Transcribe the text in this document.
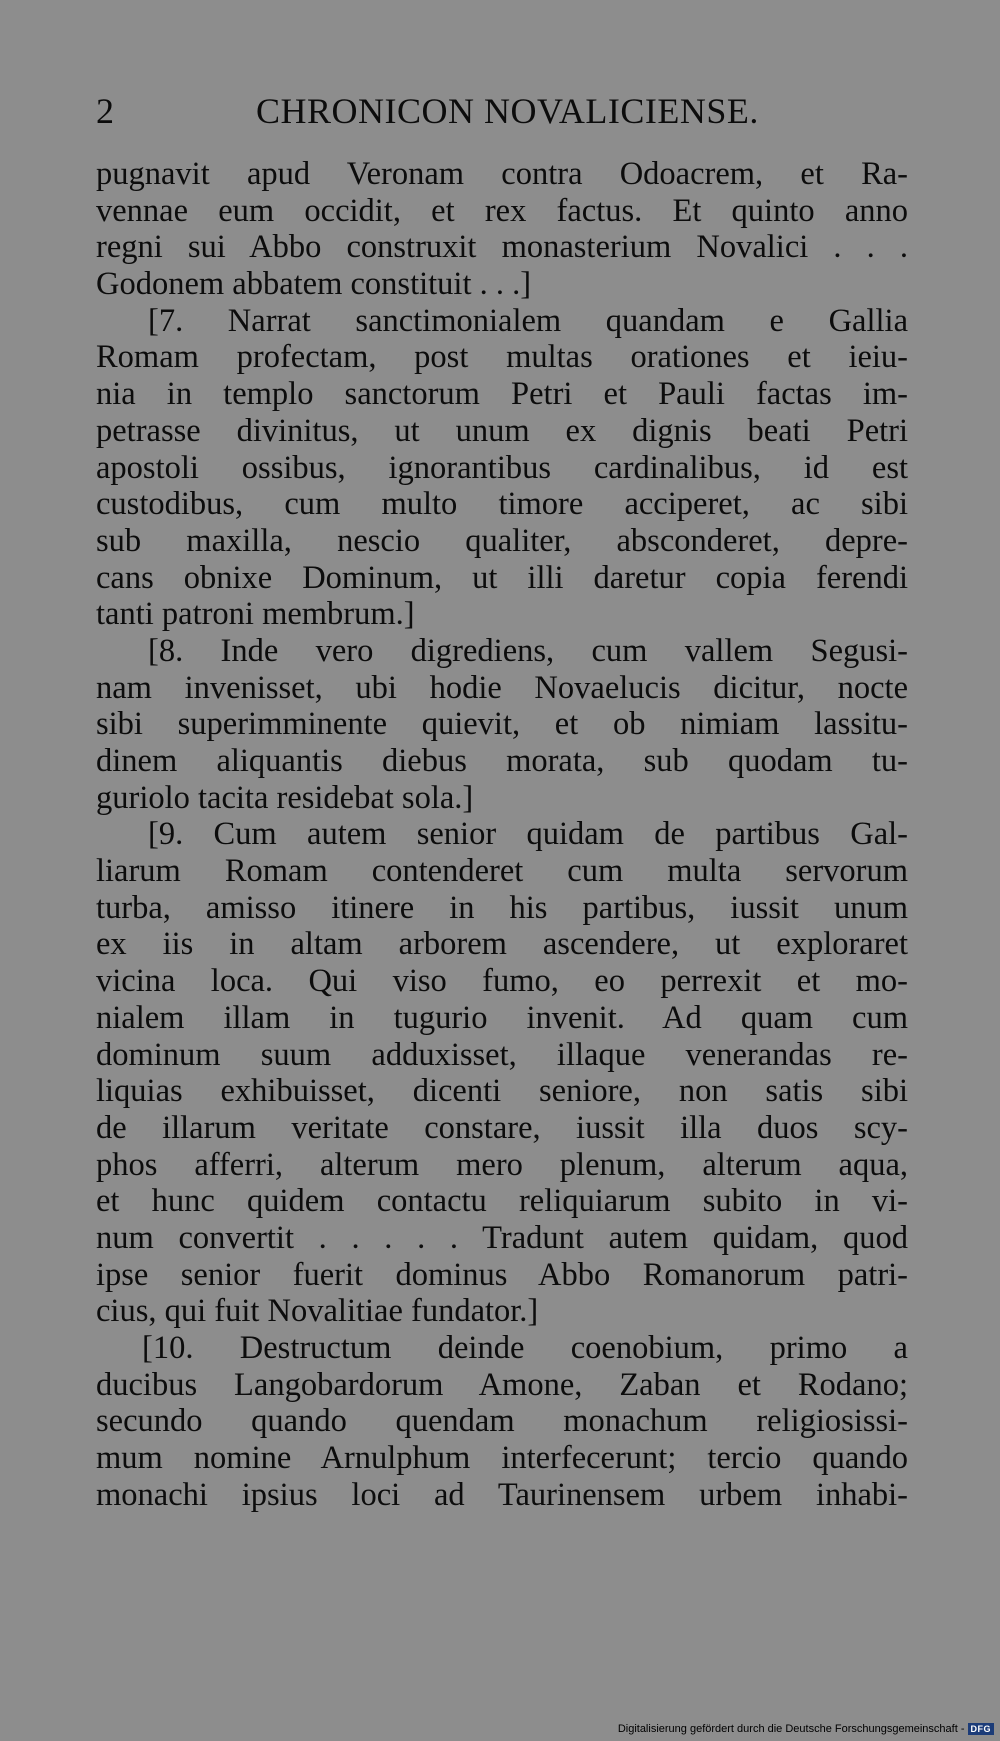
2	CHRONICON NOVALICIENSE.
pugnavit apud Veronam contra Odoacrem, et Ra-
vennae eum occidit, et rex factus. Et quinto anno
regni sui Abbo construxit monasterium Novalici . . .
Godonem abbatem constituit . . .]
[7. Narrat sanctimonialem quandam e Gallia
Romam profectam, post multas orationes et ieiu-
nia in templo sanctorum Petri et Pauli factas im-
petrasse divinitus, ut unum ex dignis beati Petri
apostoli ossibus, ignorantibus cardinalibus, id est
custodibus, cum multo timore acciperet, ac sibi
sub maxilla, nescio qualiter, absconderet, depre-
cans obnixe Dominum, ut illi daretur copia ferendi
tanti patroni membrum.]
[8. Inde vero digrediens, cum vallem Segusi-
nam invenisset, ubi hodie Novaelucis dicitur, nocte
sibi superimminente quievit, et ob nimiam lassitu-
dinem aliquantis diebus morata, sub quodam tu-
guriolo tacita residebat sola.]
[9. Cum autem senior quidam de partibus Gal-
liarum Romam contenderet cum multa servorum
turba, amisso itinere in his partibus, iussit unum
ex iis in altam arborem ascendere, ut exploraret
vicina loca. Qui viso fumo, eo perrexit et mo-
nialem illam in tugurio invenit. Ad quam cum
dominum suum adduxisset, illaque venerandas re-
liquias exhibuisset, dicenti seniore, non satis sibi
de illarum veritate constare, iussit illa duos scy-
phos afferri, alterum mero plenum, alterum aqua,
et hunc quidem contactu reliquiarum subito in vi-
num convertit . . . . . Tradunt autem quidam, quod
ipse senior fuerit dominus Abbo Romanorum patri-
cius, qui fuit Novalitiae fundator.]
[10. Destructum deinde coenobium, primo a
ducibus Langobardorum Amone, Zaban et Rodano;
secundo quando quendam monachum religiosissi-
mum nomine Arnulphum interfecerunt; tercio quando
monachi ipsius loci ad Taurinensem urbem inhabi-
Digitalisierung gefördert durch die Deutsche Forschungsgemeinschaft - DFG
